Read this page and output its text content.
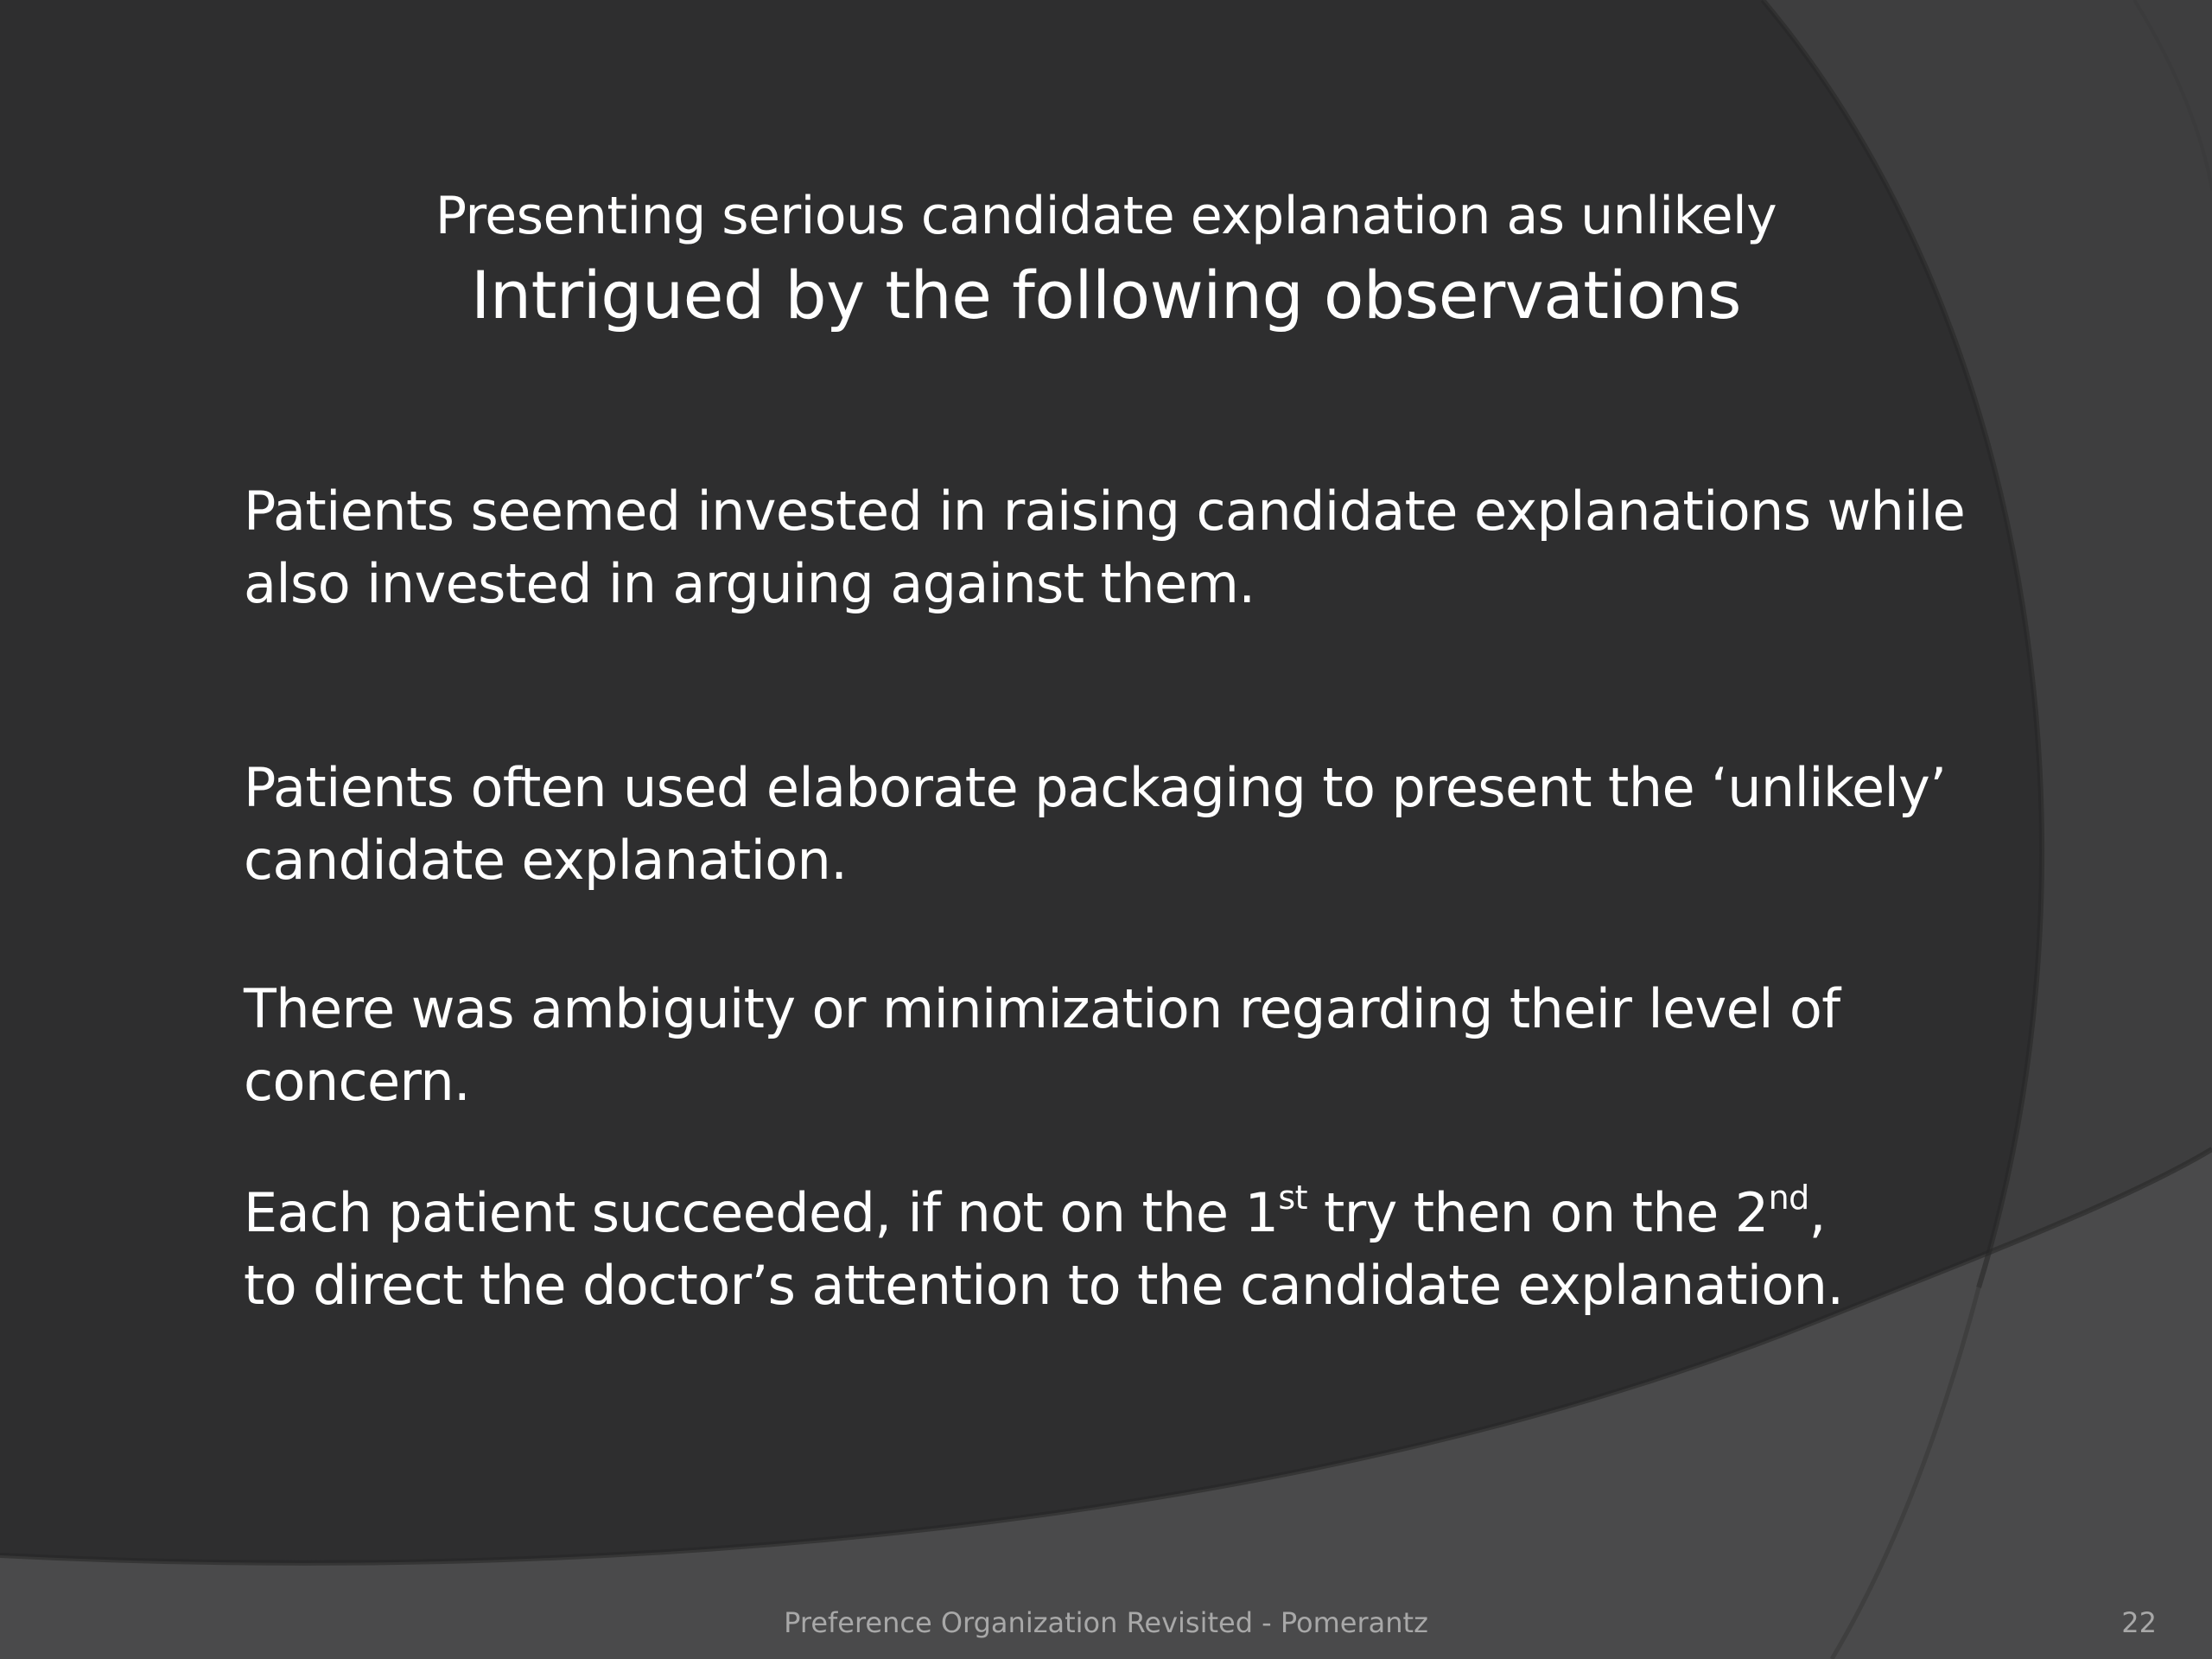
Presenting serious candidate explanation as unlikely
Intrigued by the following observations

Patients seemed invested in raising candidate explanations while also invested in arguing against them.

Patients often used elaborate packaging to present the ‘unlikely’ candidate explanation.

There was ambiguity or minimization regarding their level of concern.

Each patient succeeded, if not on the 1st try then on the 2nd, to direct the doctor’s attention to the candidate explanation.

Preference Organization Revisited - Pomerantz	22
